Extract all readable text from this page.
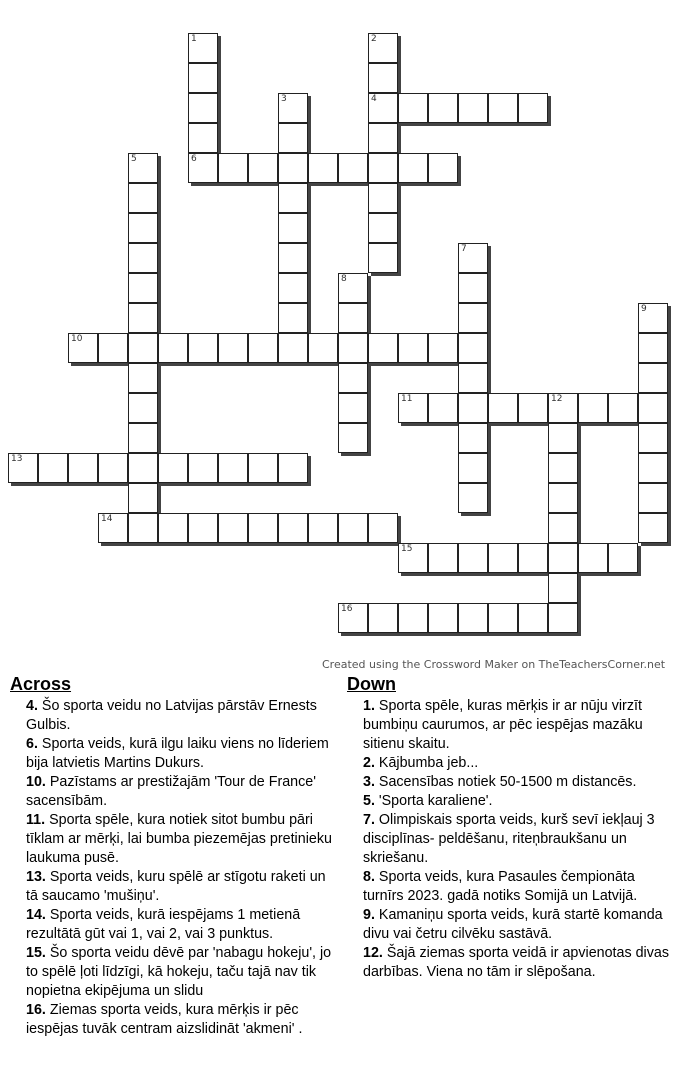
1	2
3	4
5	6
7
8
9
10
11	12
13
14
15
16
Created using the Crossword Maker on TheTeachersCorner.net
Across
4. Šo sporta veidu no Latvijas pārstāv Ernests Gulbis.
6. Sporta veids, kurā ilgu laiku viens no līderiem bija latvietis Martins Dukurs.
10. Pazīstams ar prestižajām 'Tour de France' sacensībām.
11. Sporta spēle, kura notiek sitot bumbu pāri tīklam ar mērķi, lai bumba piezemējas pretinieku laukuma pusē.
13. Sporta veids, kuru spēlē ar stīgotu raketi un tā saucamo 'mušiņu'.
14. Sporta veids, kurā iespējams 1 metienā rezultātā gūt vai 1, vai 2, vai 3 punktus.
15. Šo sporta veidu dēvē par 'nabagu hokeju', jo to spēlē ļoti līdzīgi, kā hokeju, taču tajā nav tik nopietna ekipējuma un slidu
16. Ziemas sporta veids, kura mērķis ir pēc iespējas tuvāk centram aizslidināt 'akmeni' .
Down
1. Sporta spēle, kuras mērķis ir ar nūju virzīt bumbiņu caurumos, ar pēc iespējas mazāku sitienu skaitu.
2. Kājbumba jeb...
3. Sacensības notiek 50-1500 m distancēs.
5. 'Sporta karaliene'.
7. Olimpiskais sporta veids, kurš sevī iekļauj 3 disciplīnas- peldēšanu, riteņbraukšanu un skriešanu.
8. Sporta veids, kura Pasaules čempionāta turnīrs 2023. gadā notiks Somijā un Latvijā.
9. Kamaniņu sporta veids, kurā startē komanda divu vai četru cilvēku sastāvā.
12. Šajā ziemas sporta veidā ir apvienotas divas darbības. Viena no tām ir slēpošana.
